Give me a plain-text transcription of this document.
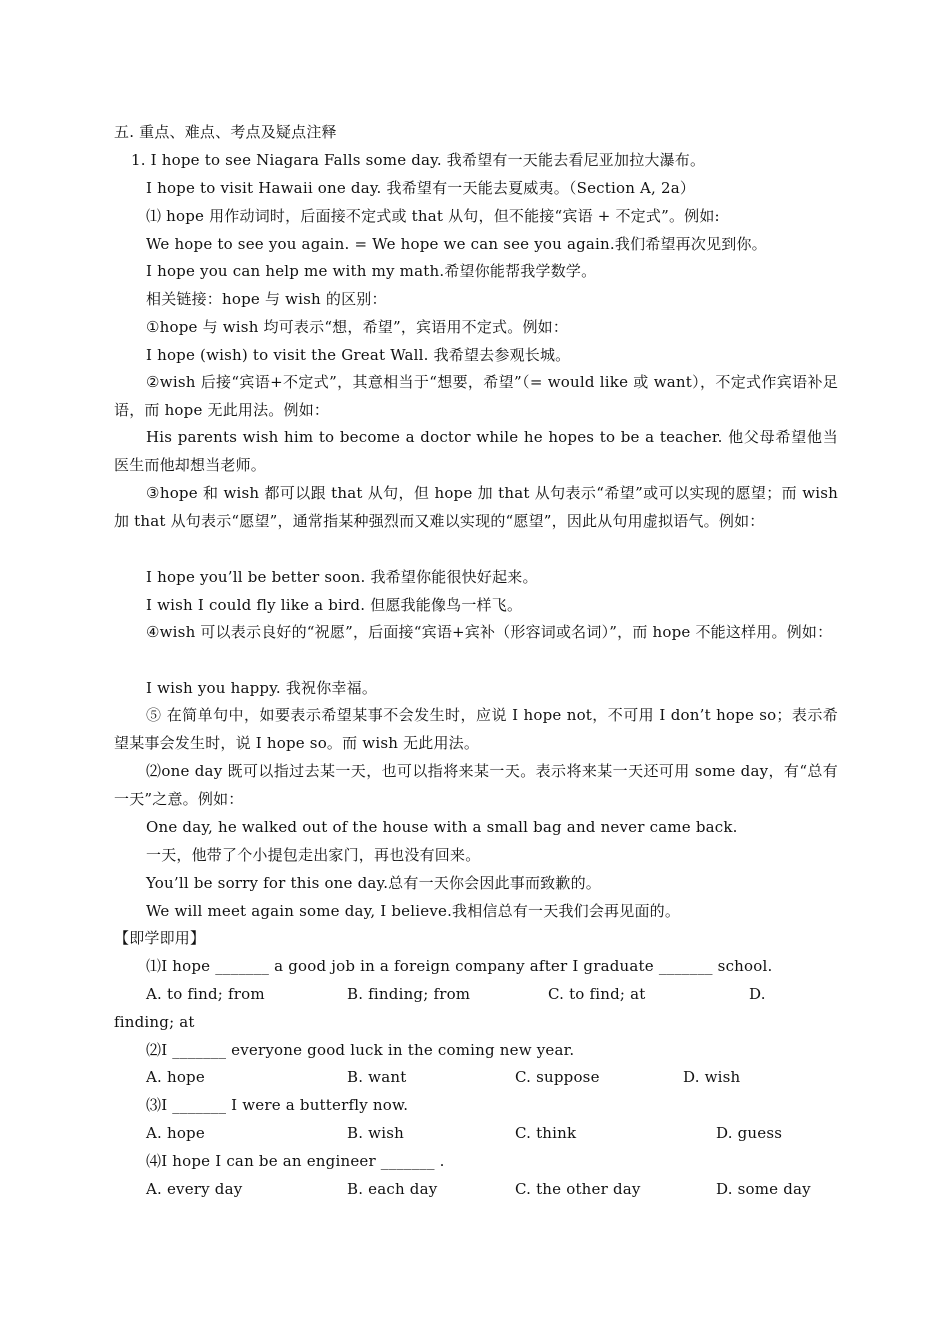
五. 重点、难点、考点及疑点注释
1. I hope to see Niagara Falls some day. 我希望有一天能去看尼亚加拉大瀑布。
I hope to visit Hawaii one day. 我希望有一天能去夏威夷。（Section A, 2a）
⑴ hope 用作动词时，后面接不定式或 that 从句，但不能接“宾语 + 不定式”。例如:
We hope to see you again. = We hope we can see you again.我们希望再次见到你。
I hope you can help me with my math.希望你能帮我学数学。
相关链接：hope 与 wish 的区别：
①hope 与 wish 均可表示“想，希望”，宾语用不定式。例如：
I hope (wish) to visit the Great Wall. 我希望去参观长城。
②wish 后接“宾语+不定式”，其意相当于“想要，希望”（= would like 或 want），不定式作宾语补足语，而 hope 无此用法。例如：
His parents wish him to become a doctor while he hopes to be a teacher. 他父母希望他当医生而他却想当老师。
③hope 和 wish 都可以跟 that 从句，但 hope 加 that 从句表示“希望”或可以实现的愿望；而 wish 加 that 从句表示“愿望”，通常指某种强烈而又难以实现的“愿望”，因此从句用虚拟语气。例如：
I hope you’ll be better soon. 我希望你能很快好起来。
I wish I could fly like a bird. 但愿我能像鸟一样飞。
④wish 可以表示良好的“祝愿”，后面接“宾语+宾补（形容词或名词）”，而 hope 不能这样用。例如：
I wish you happy. 我祝你幸福。
⑤ 在简单句中，如要表示希望某事不会发生时，应说 I hope not，不可用 I don’t hope so；表示希望某事会发生时，说 I hope so。而 wish 无此用法。
⑵one day 既可以指过去某一天，也可以指将来某一天。表示将来某一天还可用 some day，有“总有一天”之意。例如：
One day, he walked out of the house with a small bag and never came back.
一天，他带了个小提包走出家门，再也没有回来。
You’ll be sorry for this one day.总有一天你会因此事而致歉的。
We will meet again some day, I believe.我相信总有一天我们会再见面的。
【即学即用】
⑴I hope _______ a good job in a foreign company after I graduate _______ school.
A. to find; from	B. finding; from	C. to find; at	D.
finding; at
⑵I _______ everyone good luck in the coming new year.
A. hope	B. want	C. suppose	D. wish
⑶I _______ I were a butterfly now.
A. hope	B. wish	C. think	D. guess
⑷I hope I can be an engineer _______ .
A. every day	B. each day	C. the other day	D. some day
